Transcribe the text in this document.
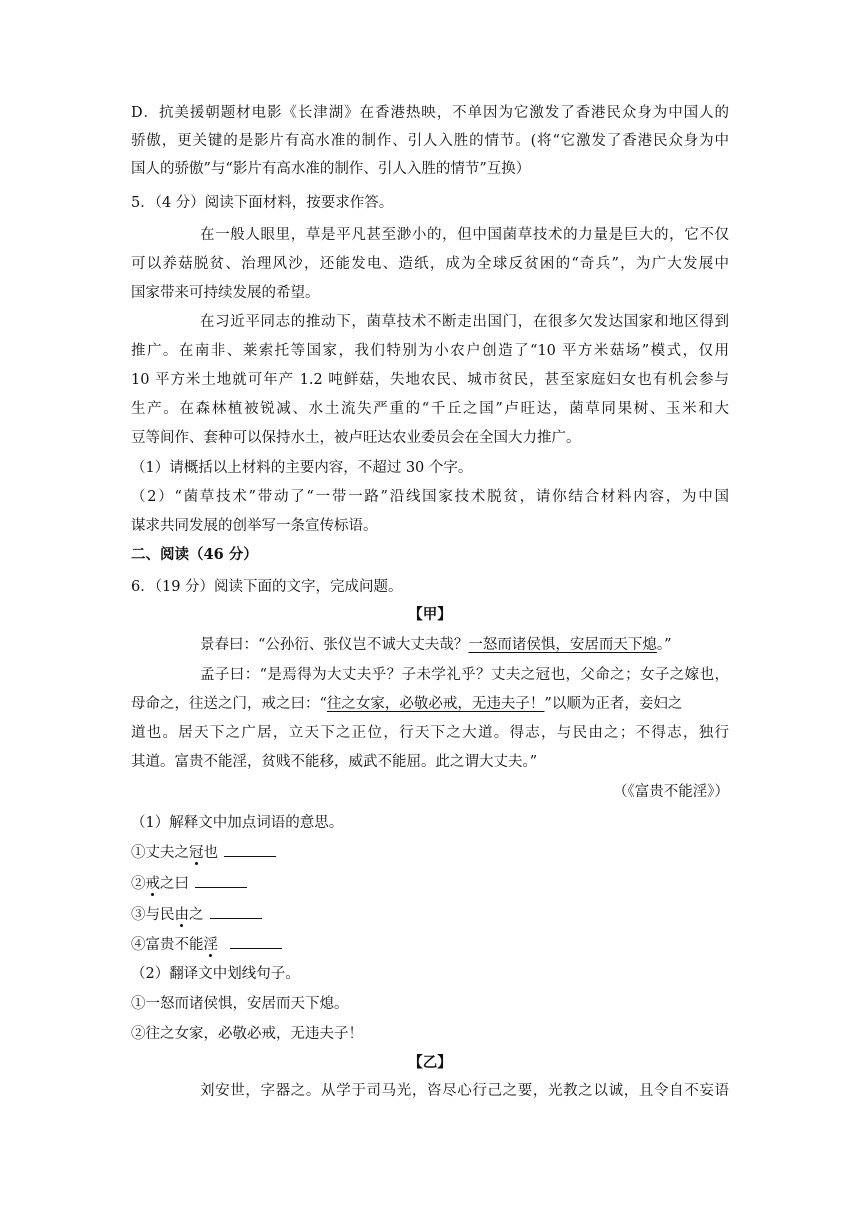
D．抗美援朝题材电影《长津湖》在香港热映，不单因为它激发了香港民众身为中国人的
骄傲，更关键的是影片有高水准的制作、引人入胜的情节。(将“它激发了香港民众身为中
国人的骄傲”与“影片有高水准的制作、引人入胜的情节”互换）
5．（4 分）阅读下面材料，按要求作答。
在一般人眼里，草是平凡甚至渺小的，但中国菌草技术的力量是巨大的，它不仅
可以养菇脱贫、治理风沙，还能发电、造纸，成为全球反贫困的“奇兵”，为广大发展中
国家带来可持续发展的希望。
在习近平同志的推动下，菌草技术不断走出国门，在很多欠发达国家和地区得到
推广。在南非、莱索托等国家，我们特别为小农户创造了“10 平方米菇场”模式，仅用
10 平方米土地就可年产 1.2 吨鲜菇，失地农民、城市贫民，甚至家庭妇女也有机会参与
生产。在森林植被锐减、水土流失严重的“千丘之国”卢旺达，菌草同果树、玉米和大
豆等间作、套种可以保持水土，被卢旺达农业委员会在全国大力推广。
（1）请概括以上材料的主要内容，不超过 30 个字。
（2）“菌草技术”带动了“一带一路”沿线国家技术脱贫，请你结合材料内容，为中国
谋求共同发展的创举写一条宣传标语。
二、阅读（46 分）
6．（19 分）阅读下面的文字，完成问题。
【甲】
景春曰：“公孙衍、张仪岂不诚大丈夫哉？一怒而诸侯惧，安居而天下熄。”
孟子曰：“是焉得为大丈夫乎？子未学礼乎？丈夫之冠也，父命之；女子之嫁也，
母命之，往送之门，戒之曰：“往之女家，必敬必戒，无违夫子！”以顺为正者，妾妇之
道也。居天下之广居，立天下之正位，行天下之大道。得志，与民由之；不得志，独行
其道。富贵不能淫，贫贱不能移，威武不能屈。此之谓大丈夫。”
（《富贵不能淫》）
（1）解释文中加点词语的意思。
①丈夫之冠也
②戒之曰
③与民由之
④富贵不能淫
（2）翻译文中划线句子。
①一怒而诸侯惧，安居而天下熄。
②往之女家，必敬必戒，无违夫子！
【乙】
刘安世，字器之。从学于司马光，咨尽心行己之要，光教之以诚，且令自不妄语
